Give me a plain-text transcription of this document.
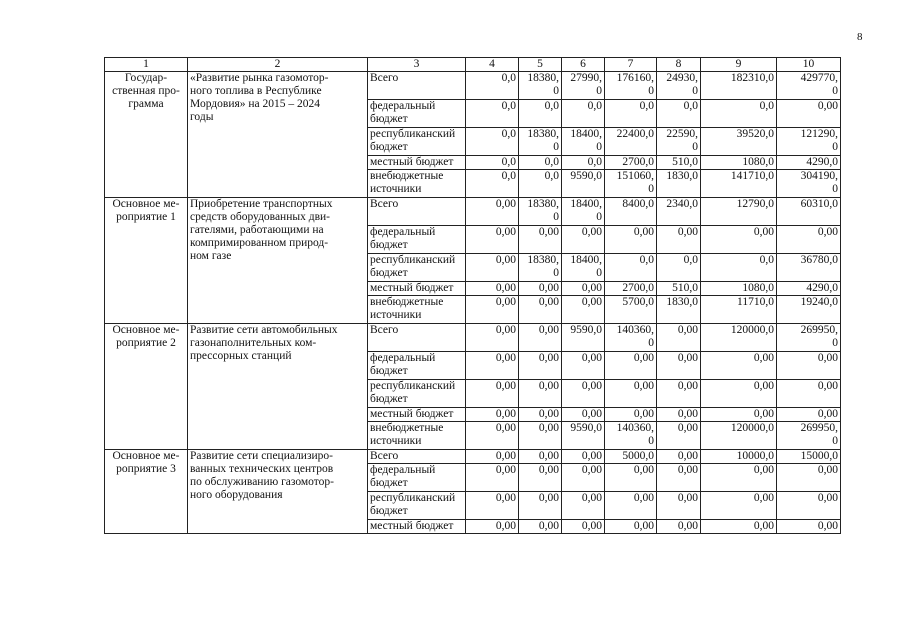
8
1	2	3	4	5	6	7	8	9	10
Государ-
ственная про-
грамма	«Развитие рынка газомотор-
ного топлива в Республике
Мордовия» на 2015 – 2024
годы	Всего	0,0	18380,
0	27990,
0	176160,
0	24930,
0	182310,0	429770,
0
		федеральный
бюджет	0,0	0,0	0,0	0,0	0,0	0,0	0,00
		республиканский
бюджет	0,0	18380,
0	18400,
0	22400,0	22590,
0	39520,0	121290,
0
		местный бюджет	0,0	0,0	0,0	2700,0	510,0	1080,0	4290,0
		внебюджетные
источники	0,0	0,0	9590,0	151060,
0	1830,0	141710,0	304190,
0
Основное ме-
роприятие 1	Приобретение транспортных
средств оборудованных дви-
гателями, работающими на
компримированном природ-
ном газе	Всего	0,00	18380,
0	18400,
0	8400,0	2340,0	12790,0	60310,0
		федеральный
бюджет	0,00	0,00	0,00	0,00	0,00	0,00	0,00
		республиканский
бюджет	0,00	18380,
0	18400,
0	0,0	0,0	0,0	36780,0
		местный бюджет	0,00	0,00	0,00	2700,0	510,0	1080,0	4290,0
		внебюджетные
источники	0,00	0,00	0,00	5700,0	1830,0	11710,0	19240,0
Основное ме-
роприятие 2	Развитие сети автомобильных
газонаполнительных ком-
прессорных станций	Всего	0,00	0,00	9590,0	140360,
0	0,00	120000,0	269950,
0
		федеральный
бюджет	0,00	0,00	0,00	0,00	0,00	0,00	0,00
		республиканский
бюджет	0,00	0,00	0,00	0,00	0,00	0,00	0,00
		местный бюджет	0,00	0,00	0,00	0,00	0,00	0,00	0,00
		внебюджетные
источники	0,00	0,00	9590,0	140360,
0	0,00	120000,0	269950,
0
Основное ме-
роприятие 3	Развитие сети специализиро-
ванных технических центров
по обслуживанию газомотор-
ного оборудования	Всего	0,00	0,00	0,00	5000,0	0,00	10000,0	15000,0
		федеральный
бюджет	0,00	0,00	0,00	0,00	0,00	0,00	0,00
		республиканский
бюджет	0,00	0,00	0,00	0,00	0,00	0,00	0,00
		местный бюджет	0,00	0,00	0,00	0,00	0,00	0,00	0,00
